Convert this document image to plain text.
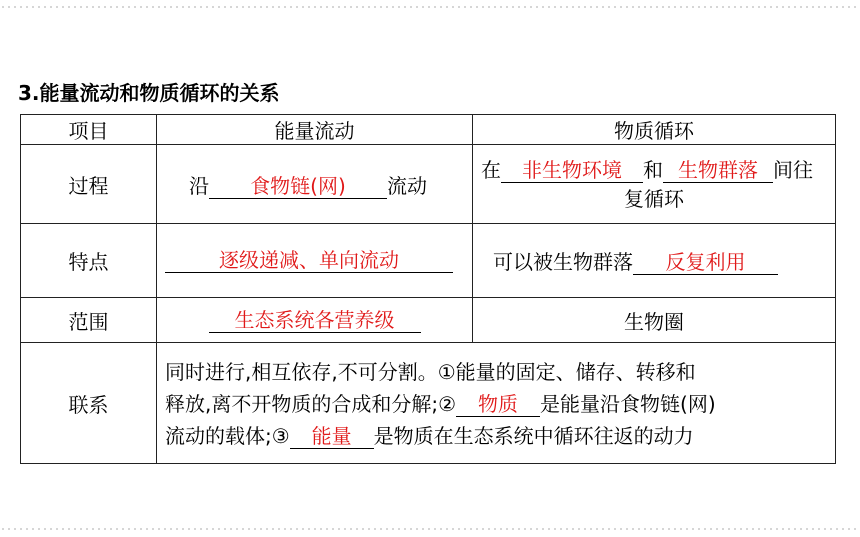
3.能量流动和物质循环的关系
项目	能量流动	物质循环
过程	沿 食物链(网) 流动	在 非生物环境 和 生物群落 间往
复循环

特点	逐级递减、单向流动	可以被生物群落 反复利用

范围	生态系统各营养级	生物圈
联系	同时进行,相互依存,不可分割。①能量的固定、储存、转移和
释放,离不开物质的合成和分解;② 物质 是能量沿食物链(网)
流动的载体;③ 能量 是物质在生态系统中循环往返的动力	
